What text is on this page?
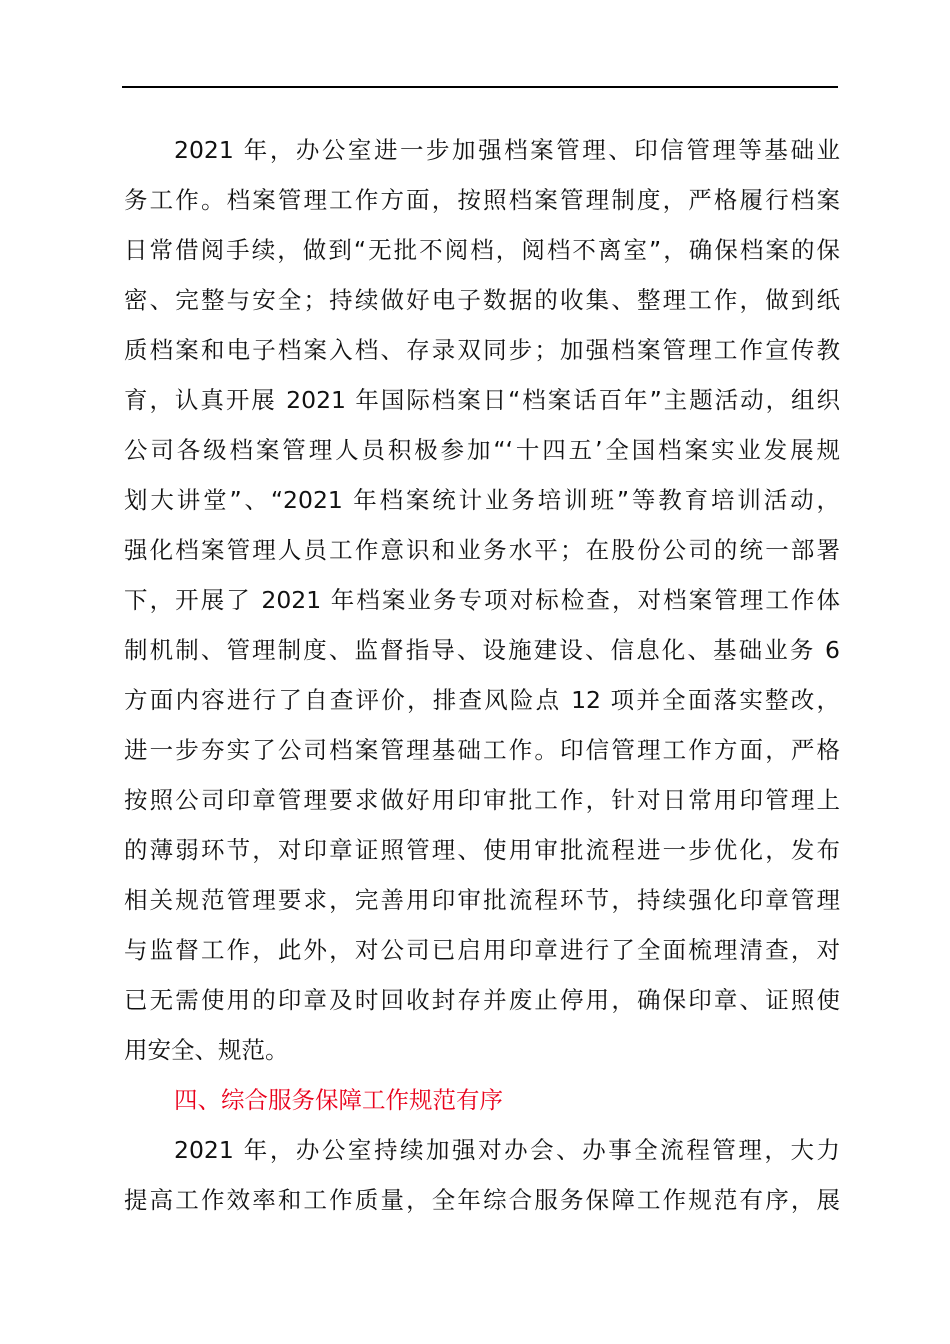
2021 年，办公室进一步加强档案管理、印信管理等基础业
务工作。档案管理工作方面，按照档案管理制度，严格履行档案
日常借阅手续，做到“无批不阅档，阅档不离室”，确保档案的保
密、完整与安全；持续做好电子数据的收集、整理工作，做到纸
质档案和电子档案入档、存录双同步；加强档案管理工作宣传教
育，认真开展 2021 年国际档案日“档案话百年”主题活动，组织
公司各级档案管理人员积极参加“‘十四五’全国档案实业发展规
划大讲堂”、“2021 年档案统计业务培训班”等教育培训活动，
强化档案管理人员工作意识和业务水平；在股份公司的统一部署
下，开展了 2021 年档案业务专项对标检查，对档案管理工作体
制机制、管理制度、监督指导、设施建设、信息化、基础业务 6
方面内容进行了自查评价，排查风险点 12 项并全面落实整改，
进一步夯实了公司档案管理基础工作。印信管理工作方面，严格
按照公司印章管理要求做好用印审批工作，针对日常用印管理上
的薄弱环节，对印章证照管理、使用审批流程进一步优化，发布
相关规范管理要求，完善用印审批流程环节，持续强化印章管理
与监督工作，此外，对公司已启用印章进行了全面梳理清查，对
已无需使用的印章及时回收封存并废止停用，确保印章、证照使
用安全、规范。
四、综合服务保障工作规范有序
2021 年，办公室持续加强对办会、办事全流程管理，大力
提高工作效率和工作质量，全年综合服务保障工作规范有序，展
